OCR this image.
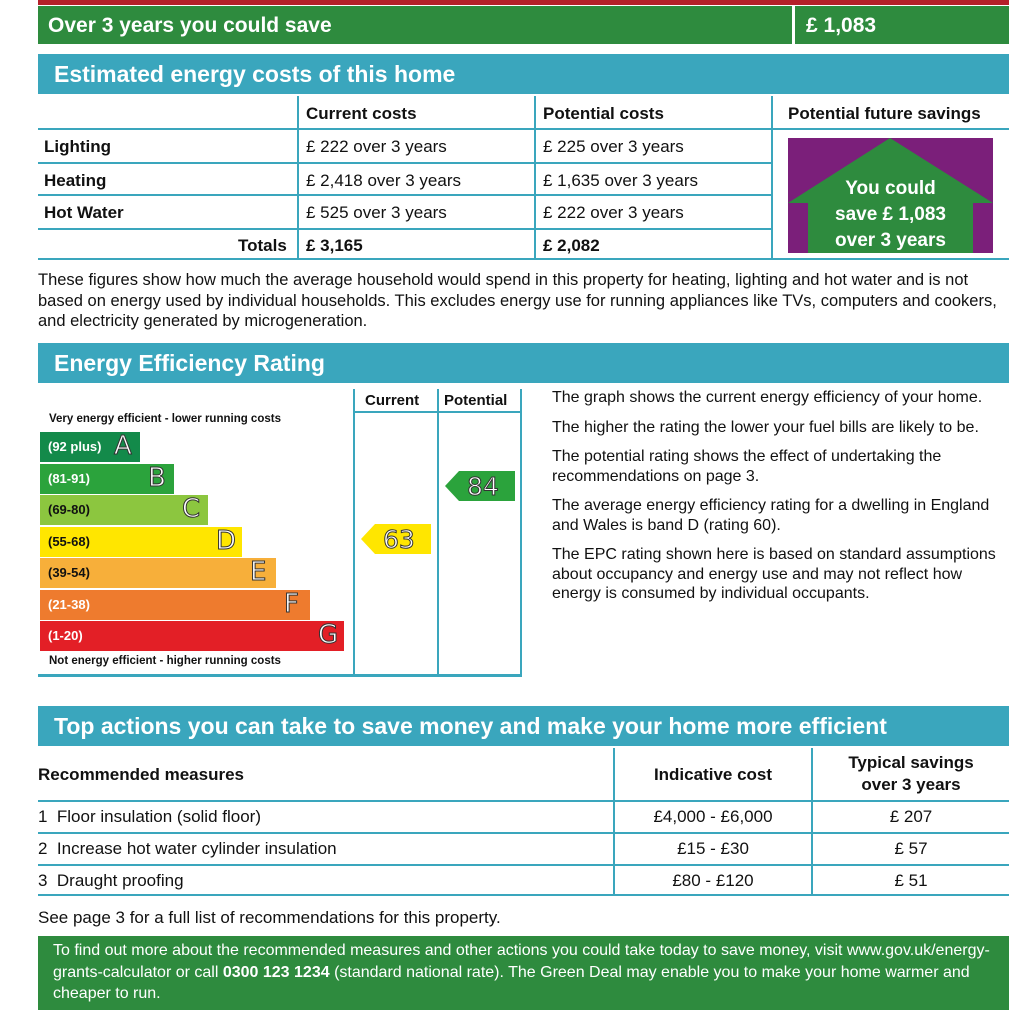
Over 3 years you could save	£ 1,083
Estimated energy costs of this home
Current costs	Potential costs	Potential future savings
Lighting	£ 222 over 3 years	£ 225 over 3 years
Heating	£ 2,418 over 3 years	£ 1,635 over 3 years
Hot Water	£ 525 over 3 years	£ 222 over 3 years
Totals £ 3,165	£ 2,082
You could
save £ 1,083
over 3 years
These figures show how much the average household would spend in this property for heating, lighting and hot water and is not based on energy used by individual households. This excludes energy use for running appliances like TVs, computers and cookers, and electricity generated by microgeneration.
Energy Efficiency Rating
Current Potential
Very energy efficient - lower running costs
Not energy efficient - higher running costs
(92 plus) A
(81-91) B
(69-80)	C
(55-68)	D
(39-54)	E
(21-38)	F
(1-20)	G
63
84

The graph shows the current energy efficiency of your home.

The higher the rating the lower your fuel bills are likely to be.

The potential rating shows the effect of undertaking the recommendations on page 3.

The average energy efficiency rating for a dwelling in England and Wales is band D (rating 60).

The EPC rating shown here is based on standard assumptions about occupancy and energy use and may not reflect how energy is consumed by individual occupants.

Top actions you can take to save money and make your home more efficient
Recommended measures	Indicative cost
Typical savings
over 3 years
1  Floor insulation (solid floor)	£4,000 - £6,000	£ 207
2  Increase hot water cylinder insulation	£15 - £30	£ 57
3  Draught proofing	£80 - £120	£ 51
See page 3 for a full list of recommendations for this property.
To find out more about the recommended measures and other actions you could take today to save money, visit www.gov.uk/energy-grants-calculator or call 0300 123 1234 (standard national rate). The Green Deal may enable you to make your home warmer and cheaper to run.
